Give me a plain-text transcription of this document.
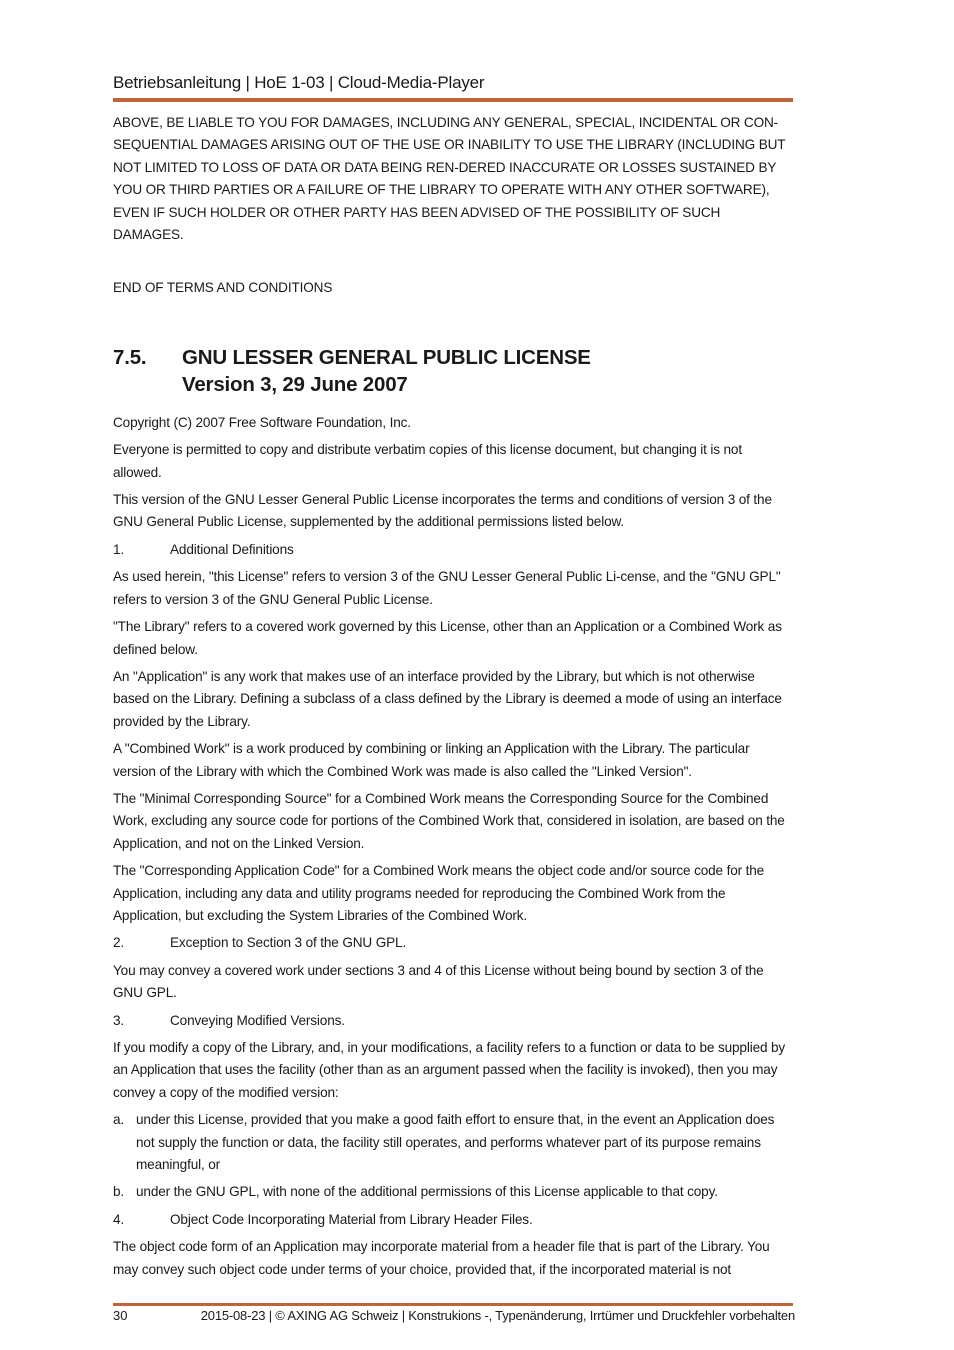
Betriebsanleitung | HoE 1-03 | Cloud-Media-Player

ABOVE, BE LIABLE TO YOU FOR DAMAGES, INCLUDING ANY GENERAL, SPECIAL, INCIDENTAL OR CON-SEQUENTIAL DAMAGES ARISING OUT OF THE USE OR INABILITY TO USE THE LIBRARY (INCLUDING BUT NOT LIMITED TO LOSS OF DATA OR DATA BEING REN-DERED INACCURATE OR LOSSES SUSTAINED BY YOU OR THIRD PARTIES OR A FAILURE OF THE LIBRARY TO OPERATE WITH ANY OTHER SOFTWARE), EVEN IF SUCH HOLDER OR OTHER PARTY HAS BEEN ADVISED OF THE POSSIBILITY OF SUCH DAMAGES.

END OF TERMS AND CONDITIONS

7.5.	GNU LESSER GENERAL PUBLIC LICENSE
Version 3, 29 June 2007

Copyright (C) 2007 Free Software Foundation, Inc.

Everyone is permitted to copy and distribute verbatim copies of this license document, but changing it is not allowed.

This version of the GNU Lesser General Public License incorporates the terms and conditions of version 3 of the GNU General Public License, supplemented by the additional permissions listed below.

1.	Additional Definitions

As used herein, "this License" refers to version 3 of the GNU Lesser General Public Li-cense, and the "GNU GPL" refers to version 3 of the GNU General Public License.

"The Library" refers to a covered work governed by this License, other than an Application or a Combined Work as defined below.

An "Application" is any work that makes use of an interface provided by the Library, but which is not otherwise based on the Library. Defining a subclass of a class defined by the Library is deemed a mode of using an interface provided by the Library.

A "Combined Work" is a work produced by combining or linking an Application with the Library. The particular version of the Library with which the Combined Work was made is also called the "Linked Version".

The "Minimal Corresponding Source" for a Combined Work means the Corresponding Source for the Combined Work, excluding any source code for portions of the Combined Work that, considered in isolation, are based on the Application, and not on the Linked Version.

The "Corresponding Application Code" for a Combined Work means the object code and/or source code for the Application, including any data and utility programs needed for reproducing the Combined Work from the Application, but excluding the System Libraries of the Combined Work.

2.	Exception to Section 3 of the GNU GPL.

You may convey a covered work under sections 3 and 4 of this License without being bound by section 3 of the GNU GPL.

3.	Conveying Modified Versions.

If you modify a copy of the Library, and, in your modifications, a facility refers to a function or data to be supplied by an Application that uses the facility (other than as an argument passed when the facility is invoked), then you may convey a copy of the modified version:

a. under this License, provided that you make a good faith effort to ensure that, in the event an Application does not supply the function or data, the facility still operates, and performs whatever part of its purpose remains meaningful, or
b. under the GNU GPL, with none of the additional permissions of this License applicable to that copy.
4.	Object Code Incorporating Material from Library Header Files.

The object code form of an Application may incorporate material from a header file that is part of the Library. You may convey such object code under terms of your choice, provided that, if the incorporated material is not

30	2015-08-23 | © AXING AG Schweiz | Konstrukions -, Typenänderung, Irrtümer und Druckfehler vorbehalten
